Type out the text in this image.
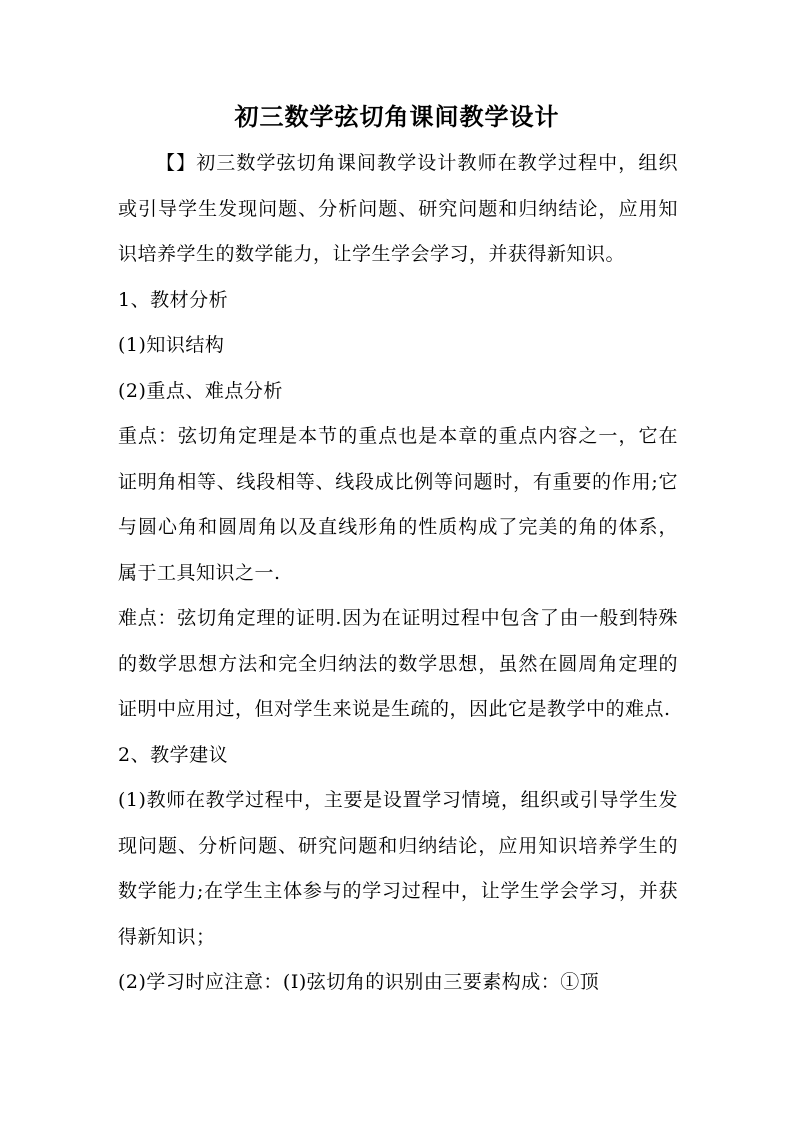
初三数学弦切角课间教学设计

【】初三数学弦切角课间教学设计教师在教学过程中，组织或引导学生发现问题、分析问题、研究问题和归纳结论，应用知识培养学生的数学能力，让学生学会学习，并获得新知识。

1、教材分析

(1)知识结构

(2)重点、难点分析

重点：弦切角定理是本节的重点也是本章的重点内容之一，它在证明角相等、线段相等、线段成比例等问题时，有重要的作用;它与圆心角和圆周角以及直线形角的性质构成了完美的角的体系，属于工具知识之一.

难点：弦切角定理的证明.因为在证明过程中包含了由一般到特殊的数学思想方法和完全归纳法的数学思想，虽然在圆周角定理的证明中应用过，但对学生来说是生疏的，因此它是教学中的难点.

2、教学建议

(1)教师在教学过程中，主要是设置学习情境，组织或引导学生发现问题、分析问题、研究问题和归纳结论，应用知识培养学生的数学能力;在学生主体参与的学习过程中，让学生学会学习，并获得新知识；

(2)学习时应注意：(Ⅰ)弦切角的识别由三要素构成：①顶
